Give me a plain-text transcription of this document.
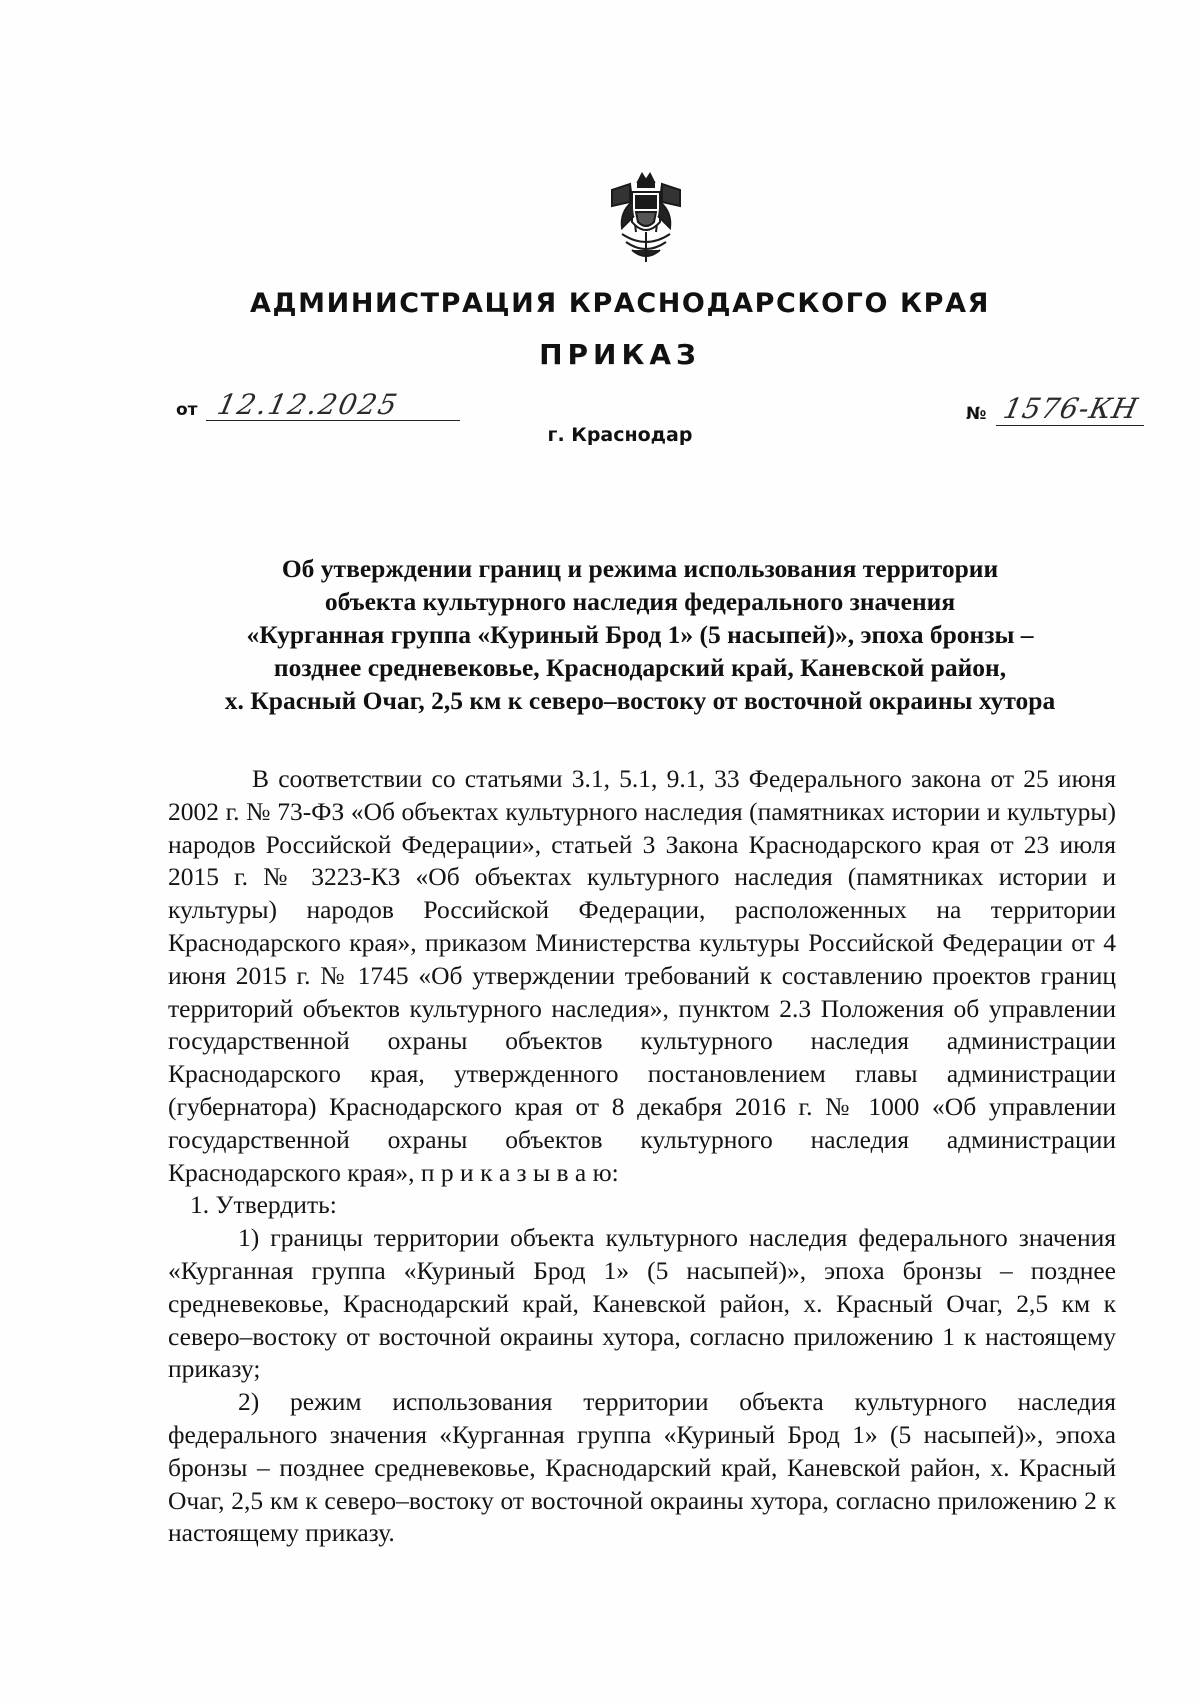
АДМИНИСТРАЦИЯ КРАСНОДАРСКОГО КРАЯ
ПРИКАЗ
от 12.12.2025	№ 1576-КН
г. Краснодар
Об утверждении границ и режима использования территории
объекта культурного наследия федерального значения
«Курганная группа «Куриный Брод 1» (5 насыпей)», эпоха бронзы –
позднее средневековье, Краснодарский край, Каневской район,
х. Красный Очаг, 2,5 км к северо–востоку от восточной окраины хутора

В соответствии со статьями 3.1, 5.1, 9.1, 33 Федерального закона от 25 июня 2002 г. № 73-ФЗ «Об объектах культурного наследия (памятниках истории и культуры) народов Российской Федерации», статьей 3 Закона Краснодарского края от 23 июля 2015 г. № 3223-КЗ «Об объектах культурного наследия (памятниках истории и культуры) народов Российской Федерации, расположенных на территории Краснодарского края», приказом Министерства культуры Российской Федерации от 4 июня 2015 г. № 1745 «Об утверждении требований к составлению проектов границ территорий объектов культурного наследия», пунктом 2.3 Положения об управлении государственной охраны объектов культурного наследия администрации Краснодарского края, утвержденного постановлением главы администрации (губернатора) Краснодарского края от 8 декабря 2016 г. № 1000 «Об управлении государственной охраны объектов культурного наследия администрации Краснодарского края», п р и к а з ы в а ю:

1. Утвердить:

1) границы территории объекта культурного наследия федерального значения «Курганная группа «Куриный Брод 1» (5 насыпей)», эпоха бронзы – позднее средневековье, Краснодарский край, Каневской район, х. Красный Очаг, 2,5 км к северо–востоку от восточной окраины хутора, согласно приложению 1 к настоящему приказу;

2) режим использования территории объекта культурного наследия федерального значения «Курганная группа «Куриный Брод 1» (5 насыпей)», эпоха бронзы – позднее средневековье, Краснодарский край, Каневской район, х. Красный Очаг, 2,5 км к северо–востоку от восточной окраины хутора, согласно приложению 2 к настоящему приказу.
